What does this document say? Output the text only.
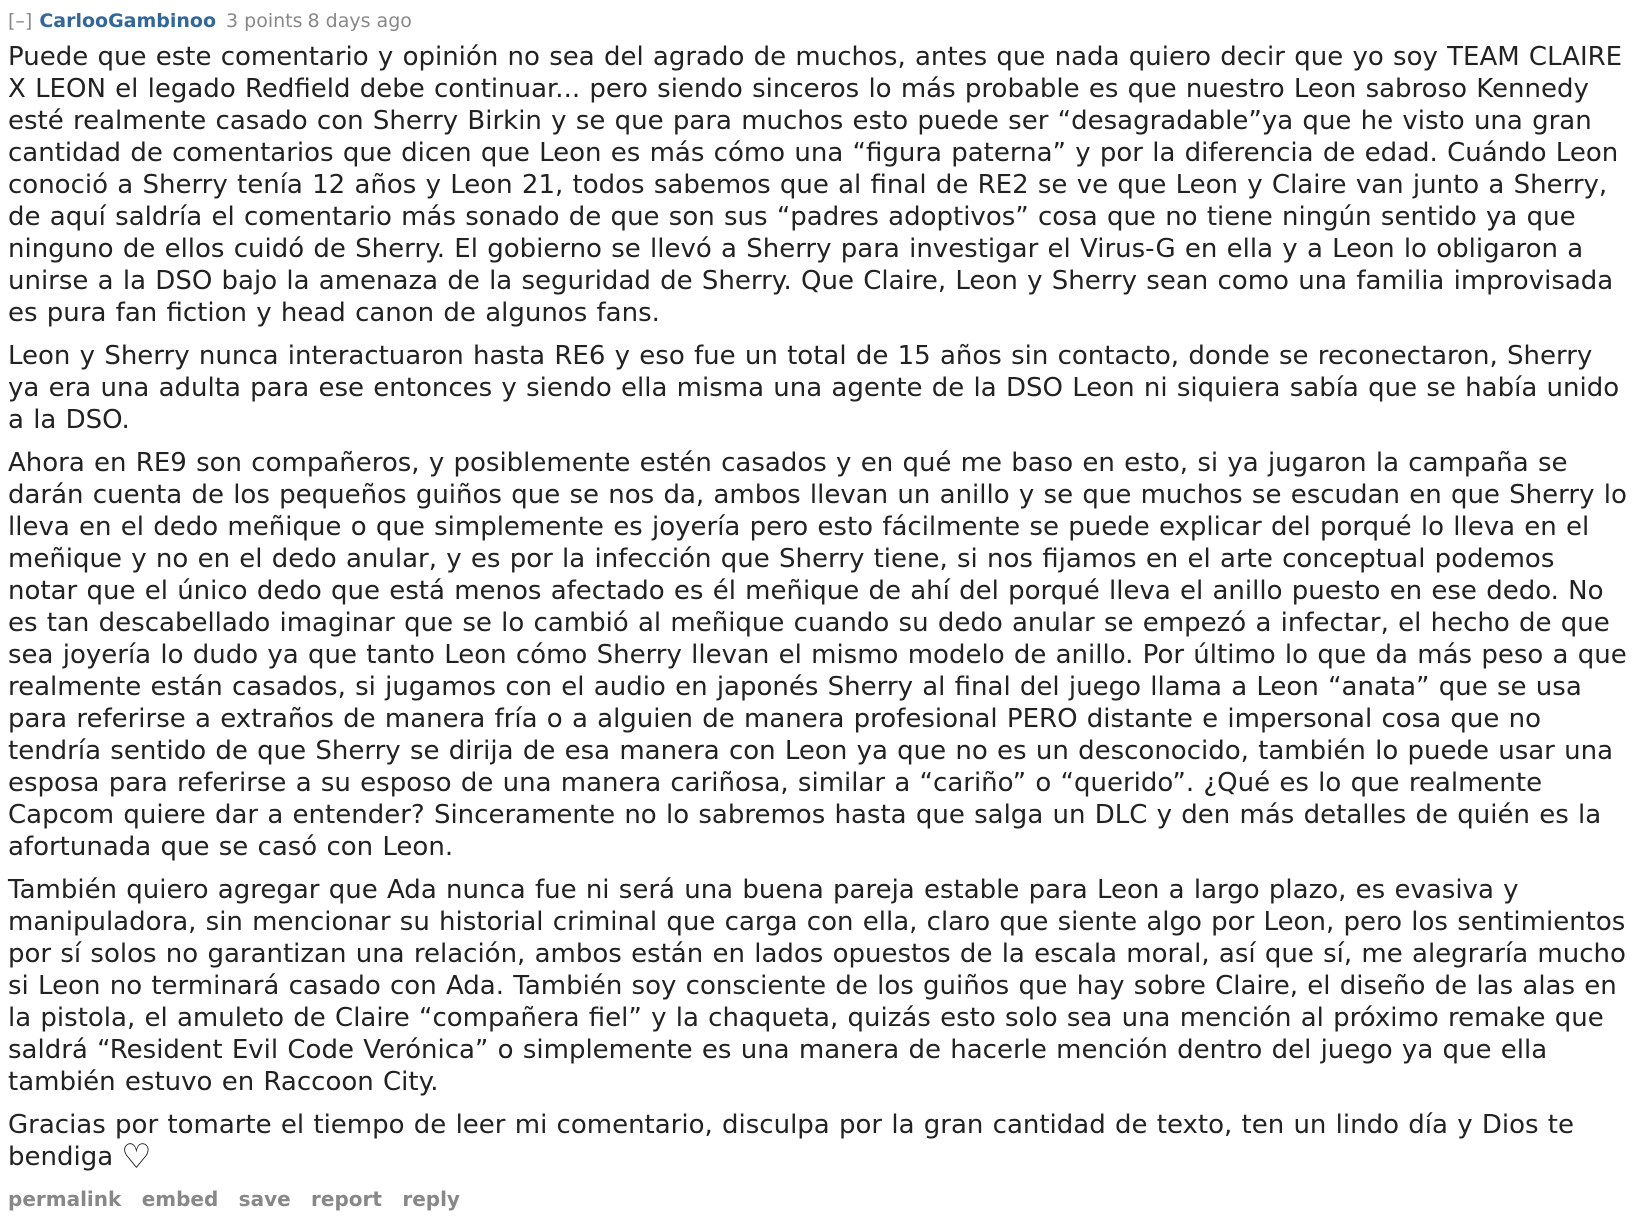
[–] CarlooGambinoo 3 points 8 days ago

Puede que este comentario y opinión no sea del agrado de muchos, antes que nada quiero decir que yo soy TEAM CLAIRE X LEON el legado Redfield debe continuar... pero siendo sinceros lo más probable es que nuestro Leon sabroso Kennedy esté realmente casado con Sherry Birkin y se que para muchos esto puede ser “desagradable”ya que he visto una gran cantidad de comentarios que dicen que Leon es más cómo una “figura paterna” y por la diferencia de edad. Cuándo Leon conoció a Sherry tenía 12 años y Leon 21, todos sabemos que al final de RE2 se ve que Leon y Claire van junto a Sherry, de aquí saldría el comentario más sonado de que son sus “padres adoptivos” cosa que no tiene ningún sentido ya que ninguno de ellos cuidó de Sherry. El gobierno se llevó a Sherry para investigar el Virus-G en ella y a Leon lo obligaron a unirse a la DSO bajo la amenaza de la seguridad de Sherry. Que Claire, Leon y Sherry sean como una familia improvisada es pura fan fiction y head canon de algunos fans.

Leon y Sherry nunca interactuaron hasta RE6 y eso fue un total de 15 años sin contacto, donde se reconectaron, Sherry ya era una adulta para ese entonces y siendo ella misma una agente de la DSO Leon ni siquiera sabía que se había unido a la DSO.

Ahora en RE9 son compañeros, y posiblemente estén casados y en qué me baso en esto, si ya jugaron la campaña se darán cuenta de los pequeños guiños que se nos da, ambos llevan un anillo y se que muchos se escudan en que Sherry lo lleva en el dedo meñique o que simplemente es joyería pero esto fácilmente se puede explicar del porqué lo lleva en el meñique y no en el dedo anular, y es por la infección que Sherry tiene, si nos fijamos en el arte conceptual podemos notar que el único dedo que está menos afectado es él meñique de ahí del porqué lleva el anillo puesto en ese dedo. No es tan descabellado imaginar que se lo cambió al meñique cuando su dedo anular se empezó a infectar, el hecho de que sea joyería lo dudo ya que tanto Leon cómo Sherry llevan el mismo modelo de anillo. Por último lo que da más peso a que realmente están casados, si jugamos con el audio en japonés Sherry al final del juego llama a Leon “anata” que se usa para referirse a extraños de manera fría o a alguien de manera profesional PERO distante e impersonal cosa que no tendría sentido de que Sherry se dirija de esa manera con Leon ya que no es un desconocido, también lo puede usar una esposa para referirse a su esposo de una manera cariñosa, similar a “cariño” o “querido”. ¿Qué es lo que realmente Capcom quiere dar a entender? Sinceramente no lo sabremos hasta que salga un DLC y den más detalles de quién es la afortunada que se casó con Leon.

También quiero agregar que Ada nunca fue ni será una buena pareja estable para Leon a largo plazo, es evasiva y manipuladora, sin mencionar su historial criminal que carga con ella, claro que siente algo por Leon, pero los sentimientos por sí solos no garantizan una relación, ambos están en lados opuestos de la escala moral, así que sí, me alegraría mucho si Leon no terminará casado con Ada. También soy consciente de los guiños que hay sobre Claire, el diseño de las alas en la pistola, el amuleto de Claire “compañera fiel” y la chaqueta, quizás esto solo sea una mención al próximo remake que saldrá “Resident Evil Code Verónica” o simplemente es una manera de hacerle mención dentro del juego ya que ella también estuvo en Raccoon City.

Gracias por tomarte el tiempo de leer mi comentario, disculpa por la gran cantidad de texto, ten un lindo día y Dios te bendiga ♡

permalink embed save report reply
